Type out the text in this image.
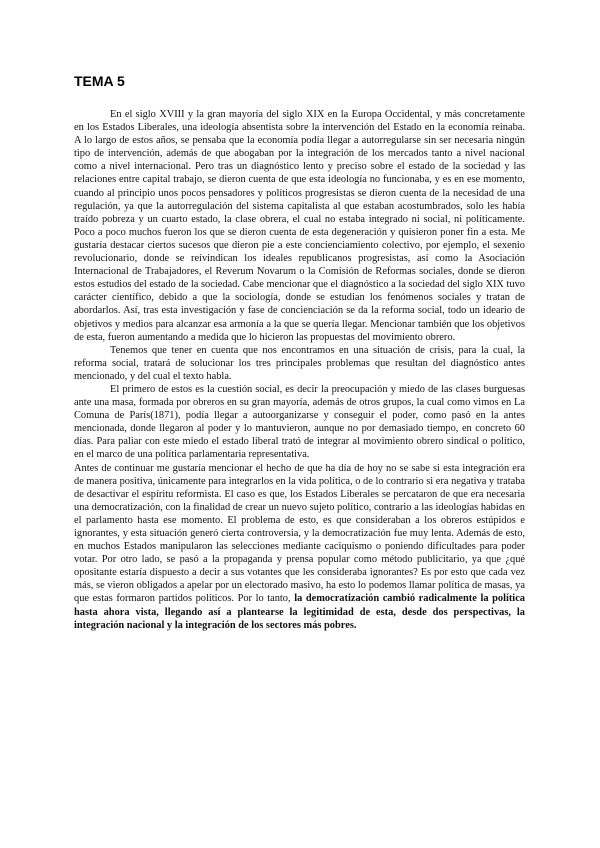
TEMA 5

En el siglo XVIII y la gran mayoría del siglo XIX en la Europa Occidental, y más concretamente en los Estados Liberales, una ideología absentista sobre la intervención del Estado en la economía reinaba. A lo largo de estos años, se pensaba que la economía podía llegar a autorregularse sin ser necesaria ningún tipo de intervención, además de que abogaban por la integración de los mercados tanto a nivel nacional como a nivel internacional. Pero tras un diagnóstico lento y preciso sobre el estado de la sociedad y las relaciones entre capital trabajo, se dieron cuenta de que esta ideología no funcionaba, y es en ese momento, cuando al principio unos pocos pensadores y políticos progresistas se dieron cuenta de la necesidad de una regulación, ya que la autorregulación del sistema capitalista al que estaban acostumbrados, solo les había traído pobreza y un cuarto estado, la clase obrera, el cual no estaba integrado ni social, ni políticamente. Poco a poco muchos fueron los que se dieron cuenta de esta degeneración y quisieron poner fin a esta. Me gustaría destacar ciertos sucesos que dieron pie a este concienciamiento colectivo, por ejemplo, el sexenio revolucionario, donde se reivindican los ideales republicanos progresistas, así como la Asociación Internacional de Trabajadores, el Reverum Novarum o la Comisión de Reformas sociales, donde se dieron estos estudios del estado de la sociedad. Cabe mencionar que el diagnóstico a la sociedad del siglo XIX tuvo carácter científico, debido a que la sociología, donde se estudian los fenómenos sociales y tratan de abordarlos. Así, tras esta investigación y fase de concienciación se da la reforma social, todo un ideario de objetivos y medios para alcanzar esa armonía a la que se quería llegar. Mencionar también que los objetivos de esta, fueron aumentando a medida que lo hicieron las propuestas del movimiento obrero.

Tenemos que tener en cuenta que nos encontramos en una situación de crisis, para la cual, la reforma social, tratará de solucionar los tres principales problemas que resultan del diagnóstico antes mencionado, y del cual el texto habla.

El primero de estos es la cuestión social, es decir la preocupación y miedo de las clases burguesas ante una masa, formada por obreros en su gran mayoría, además de otros grupos, la cual como vimos en La Comuna de París(1871), podía llegar a autoorganizarse y conseguir el poder, como pasó en la antes mencionada, donde llegaron al poder y lo mantuvieron, aunque no por demasiado tiempo, en concreto 60 días. Para paliar con este miedo el estado liberal trató de integrar al movimiento obrero sindical o político, en el marco de una política parlamentaria representativa.

Antes de continuar me gustaría mencionar el hecho de que ha día de hoy no se sabe si esta integración era de manera positiva, únicamente para integrarlos en la vida política, o de lo contrario si era negativa y trataba de desactivar el espíritu reformista. El caso es que, los Estados Liberales se percataron de que era necesaria una democratización, con la finalidad de crear un nuevo sujeto político, contrario a las ideologías habidas en el parlamento hasta ese momento. El problema de esto, es que consideraban a los obreros estúpidos e ignorantes, y esta situación generó cierta controversia, y la democratización fue muy lenta. Además de esto, en muchos Estados manipularon las selecciones mediante caciquismo o poniendo dificultades para poder votar. Por otro lado, se pasó a la propaganda y prensa popular como método publicitario, ya que ¿qué opositante estaría dispuesto a decir a sus votantes que les consideraba ignorantes? Es por esto que cada vez más, se vieron obligados a apelar por un electorado masivo, ha esto lo podemos llamar política de masas, ya que estas formaron partidos políticos. Por lo tanto, la democratización cambió radicalmente la política hasta ahora vista, llegando así a plantearse la legitimidad de esta, desde dos perspectivas, la integración nacional y la integración de los sectores más pobres.
